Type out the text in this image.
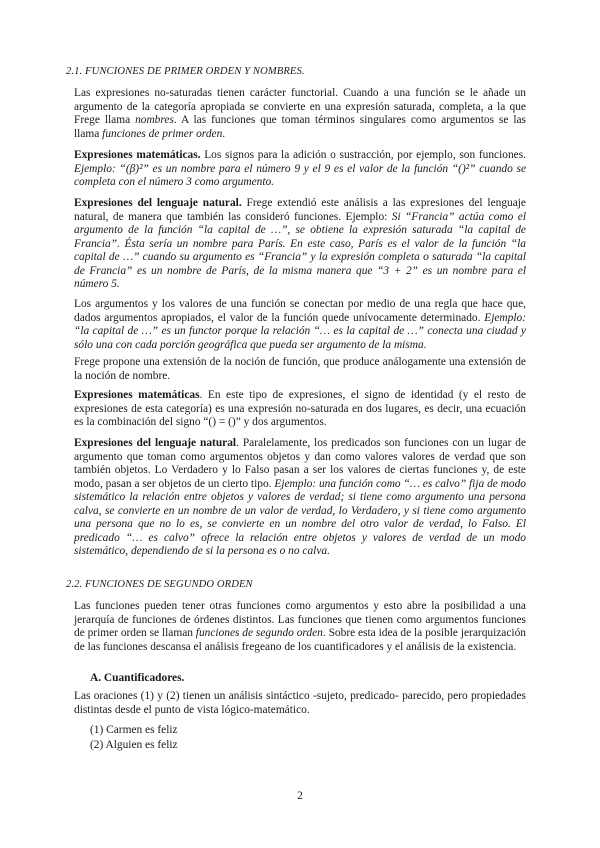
2.1. FUNCIONES DE PRIMER ORDEN Y NOMBRES.
Las expresiones no-saturadas tienen carácter functorial. Cuando a una función se le añade un argumento de la categoría apropiada se convierte en una expresión saturada, completa, a la que Frege llama nombres. A las funciones que toman términos singulares como argumentos se las llama funciones de primer orden.
Expresiones matemáticas. Los signos para la adición o sustracción, por ejemplo, son funciones. Ejemplo: “(β)²” es un nombre para el número 9 y el 9 es el valor de la función “()²” cuando se completa con el número 3 como argumento.
Expresiones del lenguaje natural. Frege extendió este análisis a las expresiones del lenguaje natural, de manera que también las consideró funciones. Ejemplo: Si “Francia” actúa como el argumento de la función “la capital de …”, se obtiene la expresión saturada “la capital de Francia”. Ésta sería un nombre para París. En este caso, París es el valor de la función “la capital de …” cuando su argumento es “Francia” y la expresión completa o saturada “la capital de Francia” es un nombre de París, de la misma manera que “3 + 2” es un nombre para el número 5.
Los argumentos y los valores de una función se conectan por medio de una regla que hace que, dados argumentos apropiados, el valor de la función quede unívocamente determinado. Ejemplo: “la capital de …” es un functor porque la relación “… es la capital de …” conecta una ciudad y sólo una con cada porción geográfica que pueda ser argumento de la misma.
Frege propone una extensión de la noción de función, que produce análogamente una extensión de la noción de nombre.
Expresiones matemáticas. En este tipo de expresiones, el signo de identidad (y el resto de expresiones de esta categoría) es una expresión no-saturada en dos lugares, es decir, una ecuación es la combinación del signo “() = ()” y dos argumentos.
Expresiones del lenguaje natural. Paralelamente, los predicados son funciones con un lugar de argumento que toman como argumentos objetos y dan como valores valores de verdad que son también objetos. Lo Verdadero y lo Falso pasan a ser los valores de ciertas funciones y, de este modo, pasan a ser objetos de un cierto tipo. Ejemplo: una función como “… es calvo” fija de modo sistemático la relación entre objetos y valores de verdad; si tiene como argumento una persona calva, se convierte en un nombre de un valor de verdad, lo Verdadero, y si tiene como argumento una persona que no lo es, se convierte en un nombre del otro valor de verdad, lo Falso. El predicado “… es calvo” ofrece la relación entre objetos y valores de verdad de un modo sistemático, dependiendo de si la persona es o no calva.
2.2. FUNCIONES DE SEGUNDO ORDEN
Las funciones pueden tener otras funciones como argumentos y esto abre la posibilidad a una jerarquía de funciones de órdenes distintos. Las funciones que tienen como argumentos funciones de primer orden se llaman funciones de segundo orden. Sobre esta idea de la posible jerarquización de las funciones descansa el análisis fregeano de los cuantificadores y el análisis de la existencia.
A. Cuantificadores.
Las oraciones (1) y (2) tienen un análisis sintáctico -sujeto, predicado- parecido, pero propiedades distintas desde el punto de vista lógico-matemático.
(1) Carmen es feliz
(2) Alguien es feliz
2
